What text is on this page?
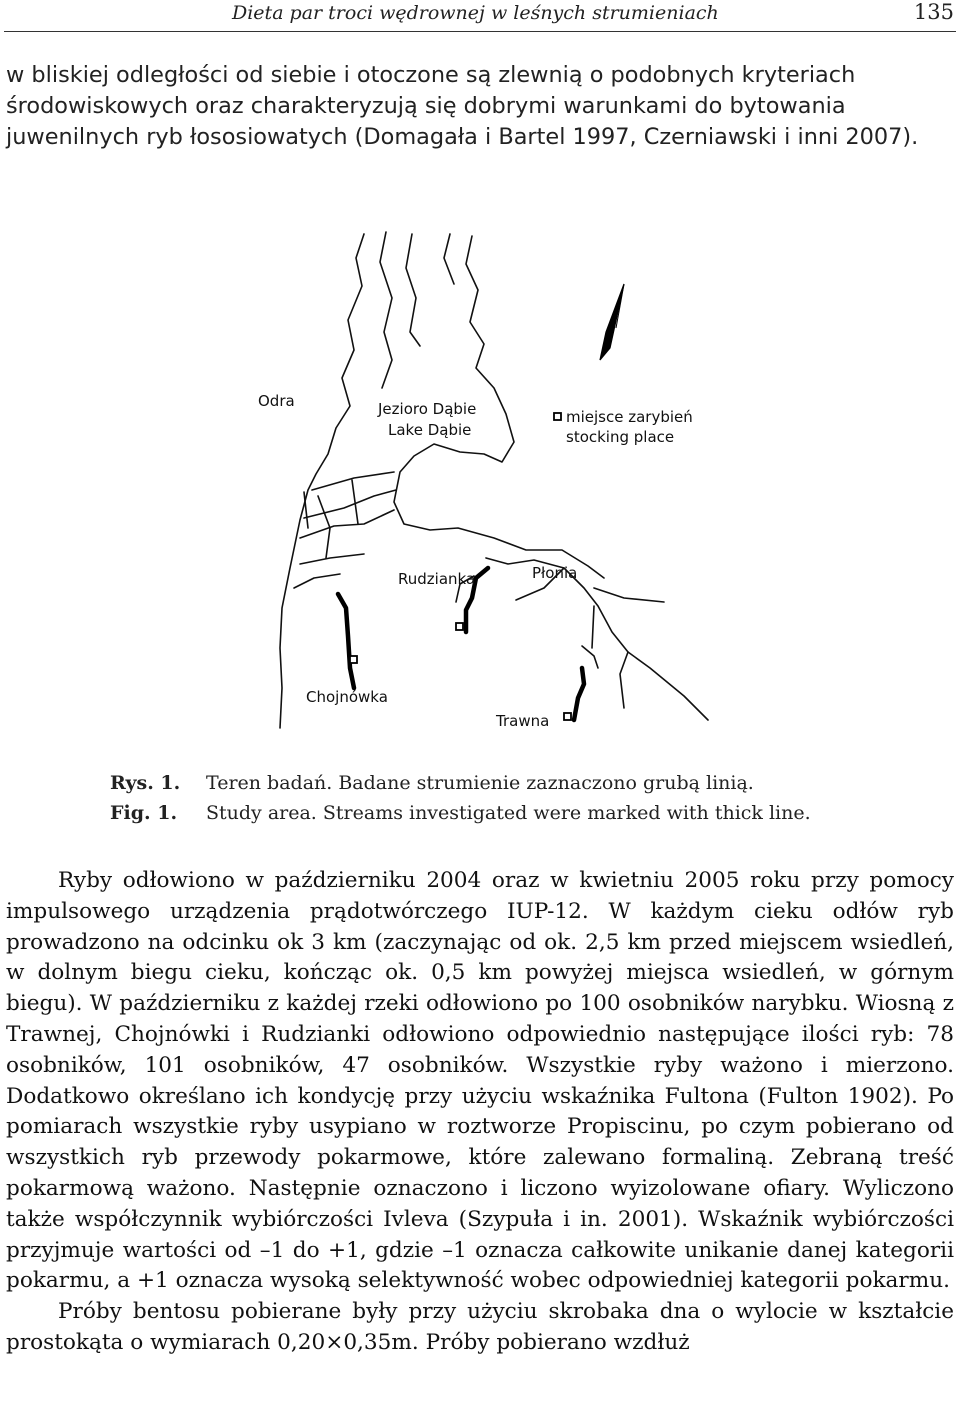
Dieta par troci wędrownej w leśnych strumieniach	135

w bliskiej odległości od siebie i otoczone są zlewnią o podobnych kryteriach środowiskowych oraz charakteryzują się dobrymi warunkami do bytowania juwenilnych ryb łososiowatych (Domagała i Bartel 1997, Czerniawski i inni 2007).

Odra	Jezioro Dąbie
Lake Dąbie
miejsce zarybień
stocking place
Rudzianka	Płonia
Chojnówka
Trawna
Rys. 1. Teren badań. Badane strumienie zaznaczono grubą linią.
Fig. 1. Study area. Streams investigated were marked with thick line.

Ryby odłowiono w październiku 2004 oraz w kwietniu 2005 roku przy pomocy impulsowego urządzenia prądotwórczego IUP-12. W każdym cieku odłów ryb prowadzono na odcinku ok 3 km (zaczynając od ok. 2,5 km przed miejscem wsiedleń, w dolnym biegu cieku, kończąc ok. 0,5 km powyżej miejsca wsiedleń, w górnym biegu). W październiku z każdej rzeki odłowiono po 100 osobników narybku. Wiosną z Trawnej, Chojnówki i Rudzianki odłowiono odpowiednio następujące ilości ryb: 78 osobników, 101 osobników, 47 osobników. Wszystkie ryby ważono i mierzono. Dodatkowo określano ich kondycję przy użyciu wskaźnika Fultona (Fulton 1902). Po pomiarach wszystkie ryby usypiano w roztworze Propiscinu, po czym pobierano od wszystkich ryb przewody pokarmowe, które zalewano formaliną. Zebraną treść pokarmową ważono. Następnie oznaczono i liczono wyizolowane ofiary. Wyliczono także współczynnik wybiórczości Ivleva (Szypuła i in. 2001). Wskaźnik wybiórczości przyjmuje wartości od –1 do +1, gdzie –1 oznacza całkowite unikanie danej kategorii pokarmu, a +1 oznacza wysoką selektywność wobec odpowiedniej kategorii pokarmu.

Próby bentosu pobierane były przy użyciu skrobaka dna o wylocie w kształcie prostokąta o wymiarach 0,20×0,35m. Próby pobierano wzdłuż
